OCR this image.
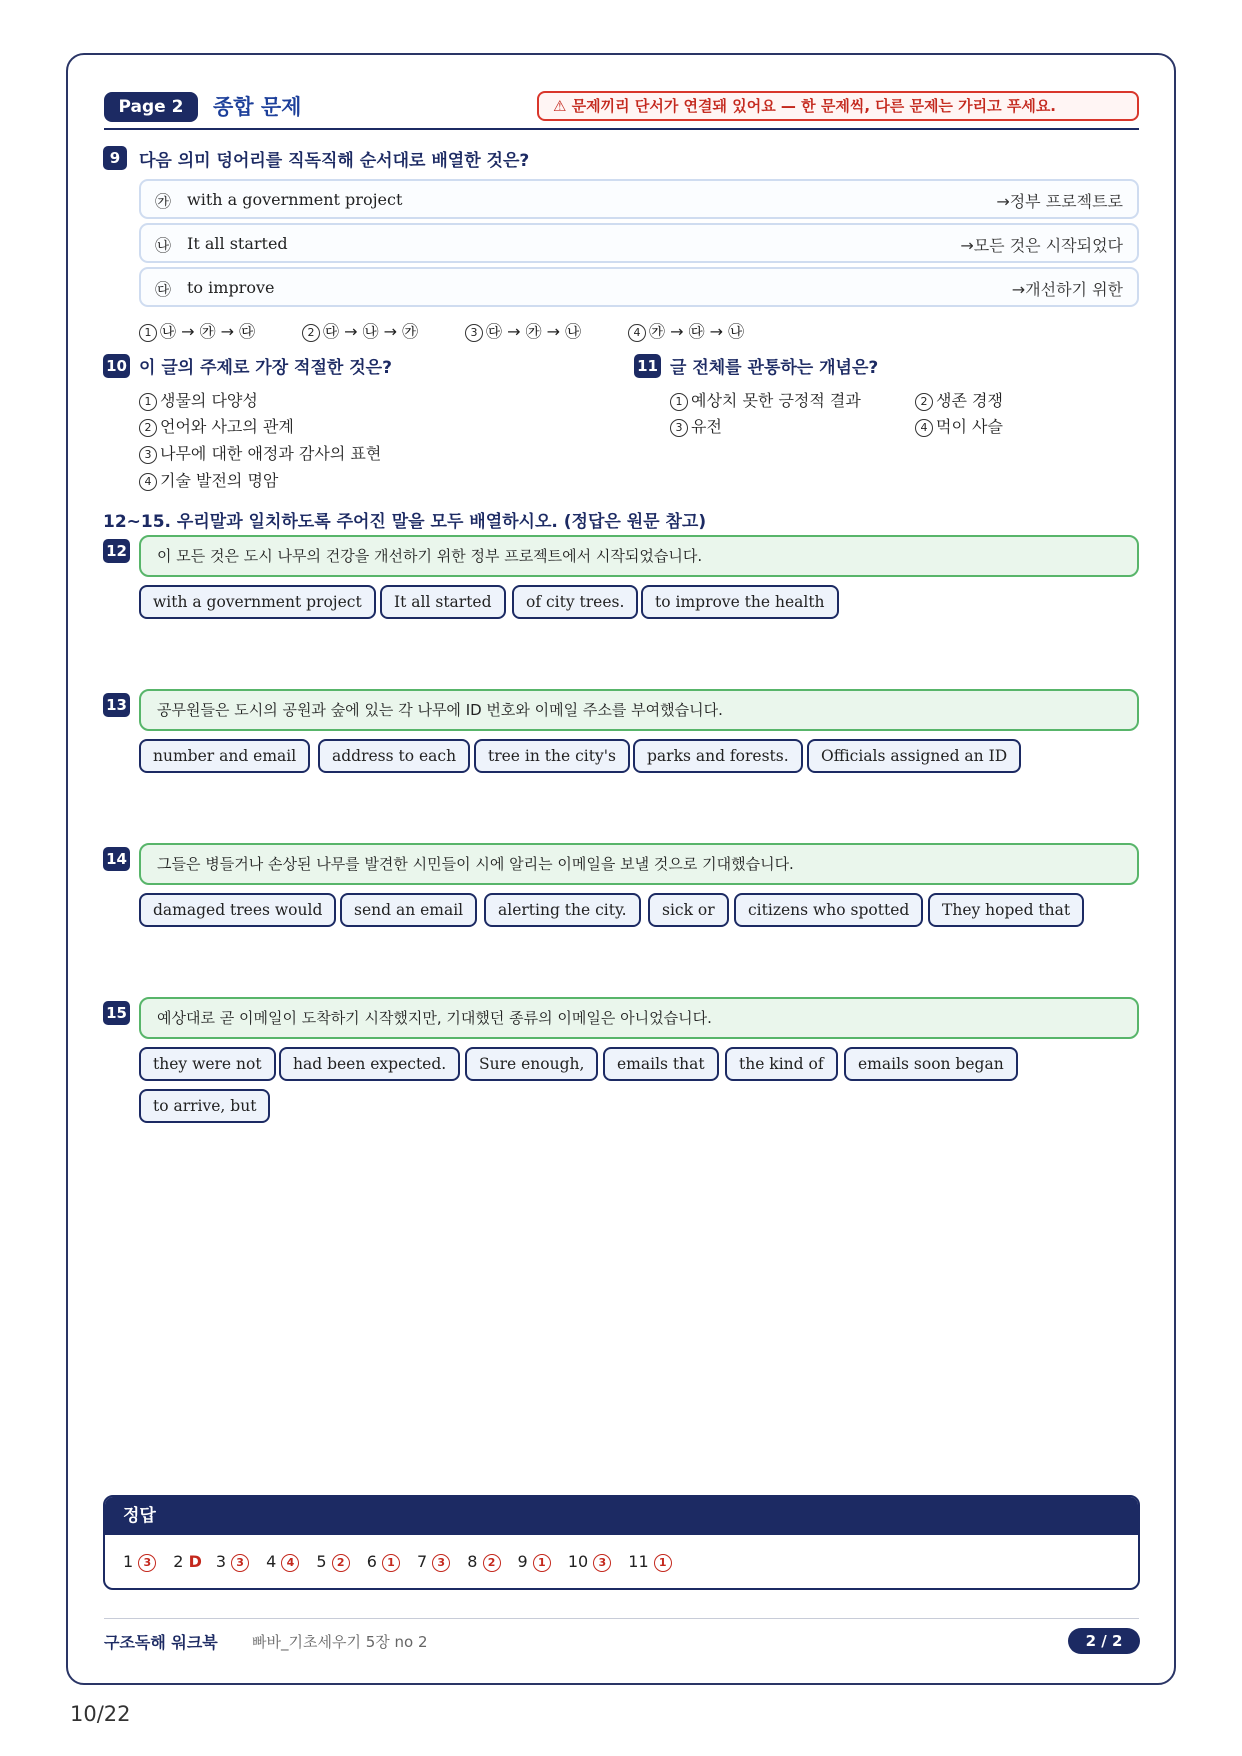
Page 2	종합 문제	⚠ 문제끼리 단서가 연결돼 있어요 — 한 문제씩, 다른 문제는 가리고 푸세요.
9	다음 의미 덩어리를 직독직해 순서대로 배열한 것은?
㉮ with a government project	→정부 프로젝트로
㉯ It all started	→모든 것은 시작되었다
㉰ to improve	→개선하기 위한
1 ㉯ → ㉮ → ㉰	2 ㉰ → ㉯ → ㉮	3 ㉰ → ㉮ → ㉯	4 ㉮ → ㉰ → ㉯
10 이 글의 주제로 가장 적절한 것은?
1 생물의 다양성
2 언어와 사고의 관계
3 나무에 대한 애정과 감사의 표현
4 기술 발전의 명암
11 글 전체를 관통하는 개념은?
1 예상치 못한 긍정적 결과	2 생존 경쟁
3 유전	4 먹이 사슬
12~15. 우리말과 일치하도록 주어진 말을 모두 배열하시오. (정답은 원문 참고)
12	이 모든 것은 도시 나무의 건강을 개선하기 위한 정부 프로젝트에서 시작되었습니다.
with a government project	It all started	of city trees.	to improve the health
13	공무원들은 도시의 공원과 숲에 있는 각 나무에 ID 번호와 이메일 주소를 부여했습니다.
number and email	address to each	tree in the city's	parks and forests.	Officials assigned an ID
14	그들은 병들거나 손상된 나무를 발견한 시민들이 시에 알리는 이메일을 보낼 것으로 기대했습니다.
damaged trees would	send an email	alerting the city.	sick or	citizens who spotted	They hoped that
15	예상대로 곧 이메일이 도착하기 시작했지만, 기대했던 종류의 이메일은 아니었습니다.
they were not	had been expected.	Sure enough,	emails that	the kind of	emails soon began
to arrive, but
정답
1 3 2 D 3 3 4 4 5 2 6 1 7 3 8 2 9 1 10 3 11 1
구조독해 워크북 빠바_기초세우기 5장 no 2	2 / 2
10/22
